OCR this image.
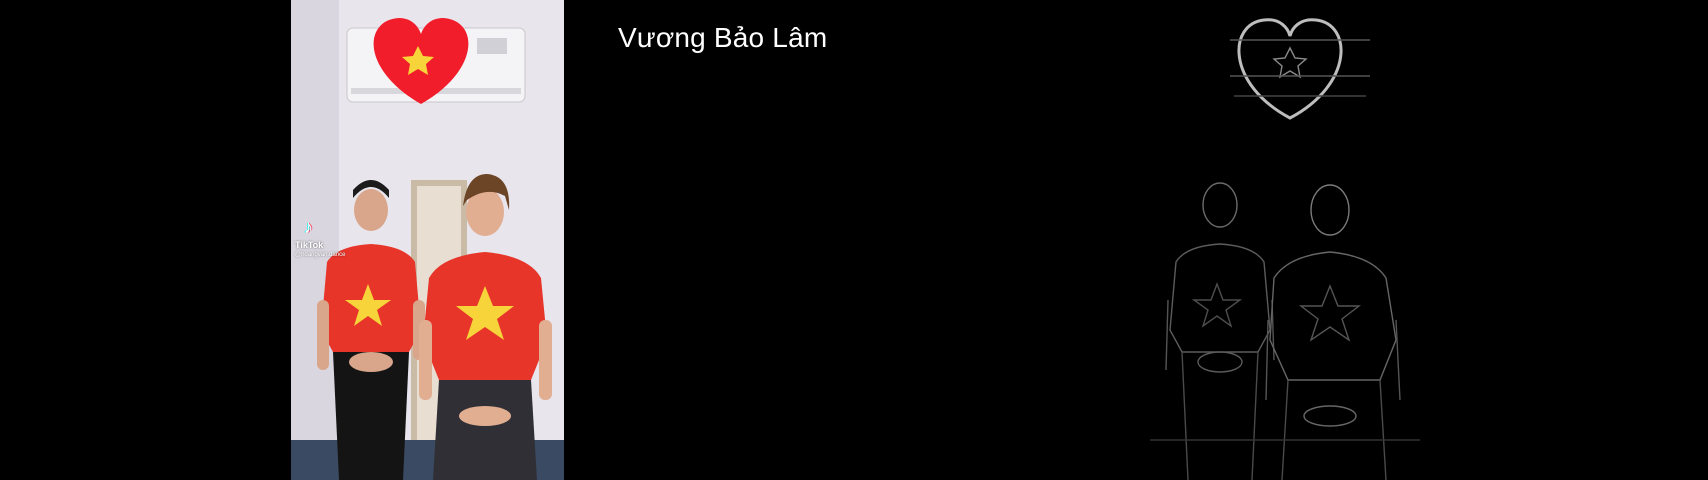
♪
TikTok
@hoangvan.dance
Vương Bảo Lâm
